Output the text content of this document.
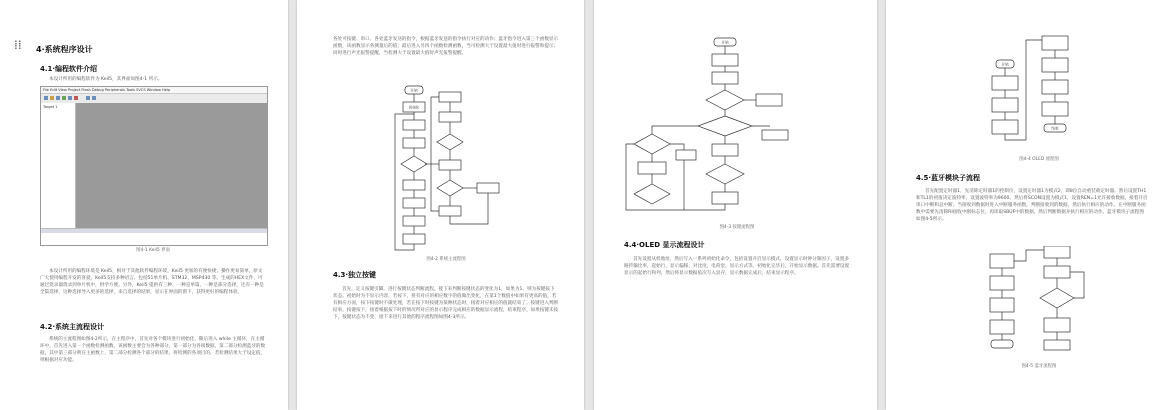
⁞⁞ 4·系统程序设计
4.1·编程软件介绍

本设计所用的编程软件为 Keil5，其界面如图4-1 所示。

File Edit View Project Flash Debug Peripherals Tools SVCS Window Help
Target 1
图4-1 Keil5 界面

本设计所用的编程环境是 Keil5，相对于其他软件编程环境，Keil5 更加的有便快捷，操作更易简单，原文广大使用编程开发的喜爱，Keil5支持多种语言。包括51单片机、STM32、MSP430 等。生成的HEX文件，可通过烧录器烧录到单片机中，供学方便。另外，Keil5 提供有三种、一种是单篇，一种是部分选择，还有一种是全篇选择，这种选择导入更多的选择，来自选择的结果，显示在界面的窗下，获得更好的编程体验。

4.2·系统主流程设计

系统的主流程图如图4-2所示，在主程序中，首先对各个模块进行初始化，随后进入 while 主循环，在主循环中，首先进入第一个函数检测函数，该函数主要会为各种部分，第一部分为各项数据，第二部分检测蓝牙的数据，其中第三部分则在主函数上，第二部分检测各个部分的结果，将检测的各项目的，若检测结果大于设定值，则根据对应功能。

各处可按键、串口、各处蓝牙发送的指令，根据蓝牙发送的指令执行对应的动作；蓝牙指令进入第三个函数显示函数，该函数显示各测量后的值；最后进入另四个函数检测函数，当可检测大于设置最大值时进行报警和提示；同时进行声光报警提醒，当检测大于设置最大值时声光报警提醒。

开始
初始化
图4-2 系统主流程图
4.3·独立按键

首先，定义按键引脚。进行按键状态判断流程。接下来判断按键状态的变化为1，如果为1，则为按键按下状态。初始时为不显示内容，若按下，将有对应的相应数字的值做出变化，在第1个数值中如果有更高的值，若有相应方面，按下按键时不做处理，若在按下时按键为某种状态时，接着对应相应的值就结束了。按键进入判断结束，按键按下，接着根据按下时的情况所对应的显示程序完成相应的数据显示流程，结束程序。如果按键未按下，按键状态为不变，接下来进行其他的程序流程图如图4-3所示。

开始
图4-3 按键流程图
4.4·OLED 显示流程设计

首先设置从机地址，然后写入一系列初始化命令，包括设置开启显示模式，设置显示时钟分频因子，设置多路传输比率，起始行，显示偏移，对比度，电荷泵，显示方式等。初始化完毕后，开始显示数据。首先需要设置显示的起始行和列，然后将显示数据依次写入显存，显示数据完成后，结束显示程序。

开始
结束
图4-4 OLED 流程图
4.5·蓝牙模块子流程

首先配置定时器1，先清除定时器1的控制位，设置定时器1为模式2，即8位自动重装载定时器。然后设置TH1和TL1的初值决定波特率，设置波特率为9600。然后将SCON设置为模式1，设置REN=1允许接收数据。接着开启串口中断和总中断。当接收到数据时进入中断服务函数，判断接收到的数据，然后执行相应的动作。在中断服务函数中需要先清除RI接收中断标志位，再读取SBUF中的数据，然后判断数据并执行相应的动作。蓝牙模块子流程图如图4-5所示。

图4-5 蓝牙流程图
